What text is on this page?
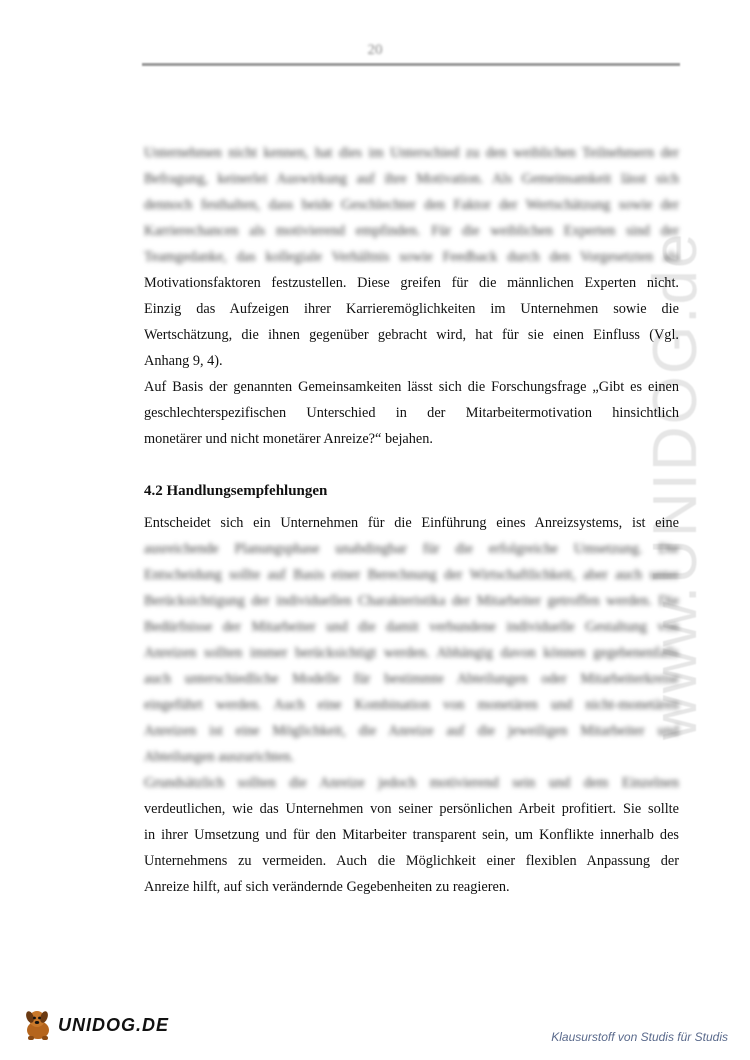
20
www.UNIDOG.de
Unternehmen nicht kennen, hat dies im Unterschied zu den weiblichen Teilnehmern der
Befragung, keinerlei Auswirkung auf ihre Motivation. Als Gemeinsamkeit lässt sich
dennoch festhalten, dass beide Geschlechter den Faktor der Wertschätzung sowie der
Karrierechancen als motivierend empfinden. Für die weiblichen Experten sind der
Teamgedanke, das kollegiale Verhältnis sowie Feedback durch den Vorgesetzten als
Motivationsfaktoren festzustellen. Diese greifen für die männlichen Experten nicht.
Einzig das Aufzeigen ihrer Karrieremöglichkeiten im Unternehmen sowie die
Wertschätzung, die ihnen gegenüber gebracht wird, hat für sie einen Einfluss (Vgl.
Anhang 9, 4).
Auf Basis der genannten Gemeinsamkeiten lässt sich die Forschungsfrage „Gibt es einen
geschlechterspezifischen Unterschied in der Mitarbeitermotivation hinsichtlich
monetärer und nicht monetärer Anreize?“ bejahen.
4.2 Handlungsempfehlungen
Entscheidet sich ein Unternehmen für die Einführung eines Anreizsystems, ist eine
ausreichende Planungsphase unabdingbar für die erfolgreiche Umsetzung. Die
Entscheidung sollte auf Basis einer Berechnung der Wirtschaftlichkeit, aber auch unter
Berücksichtigung der individuellen Charakteristika der Mitarbeiter getroffen werden. Die
Bedürfnisse der Mitarbeiter und die damit verbundene individuelle Gestaltung von
Anreizen sollten immer berücksichtigt werden. Abhängig davon können gegebenenfalls
auch unterschiedliche Modelle für bestimmte Abteilungen oder Mitarbeiterkreise
eingeführt werden. Auch eine Kombination von monetären und nicht-monetären
Anreizen ist eine Möglichkeit, die Anreize auf die jeweiligen Mitarbeiter und
Abteilungen auszurichten.
Grundsätzlich sollten die Anreize jedoch motivierend sein und dem Einzelnen
verdeutlichen, wie das Unternehmen von seiner persönlichen Arbeit profitiert. Sie sollte
in ihrer Umsetzung und für den Mitarbeiter transparent sein, um Konflikte innerhalb des
Unternehmens zu vermeiden. Auch die Möglichkeit einer flexiblen Anpassung der
Anreize hilft, auf sich verändernde Gegebenheiten zu reagieren.
UNIDOG.DE
Klausurstoff von Studis für Studis
